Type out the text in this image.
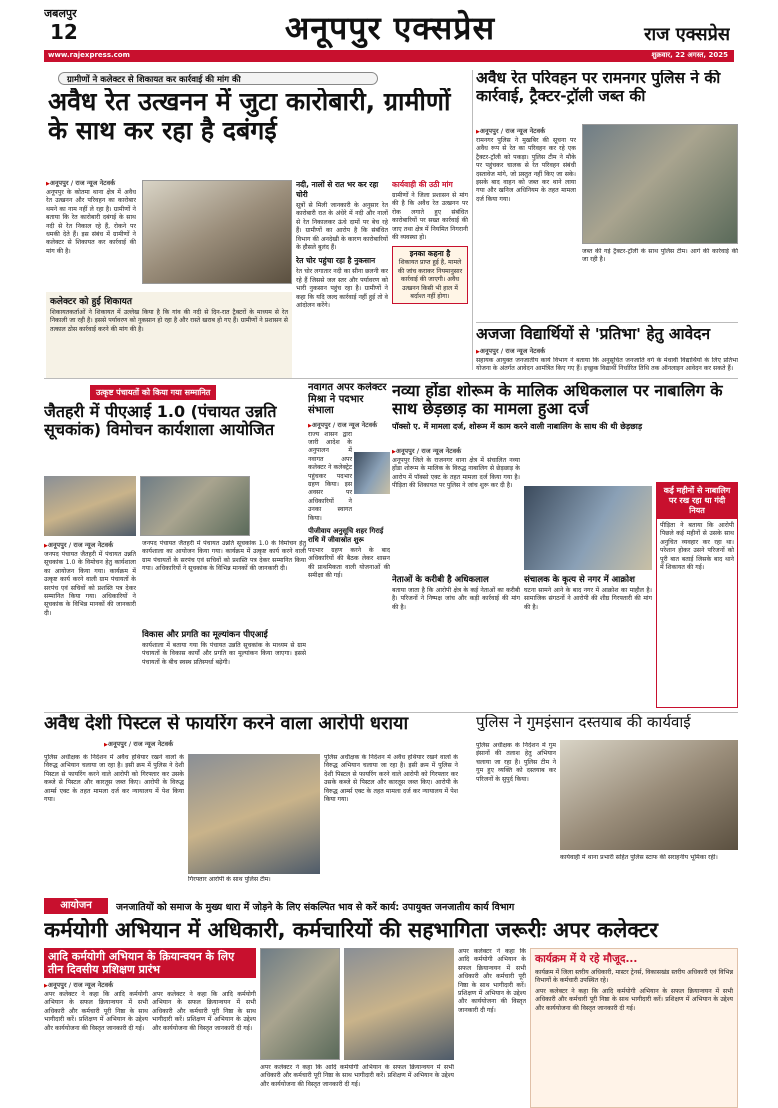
जबलपुर
12	अनूपपुर एक्सप्रेस	राज एक्सप्रेस
www.rajexpress.com	शुक्रवार, 22 अगस्त, 2025
ग्रामीणों ने कलेक्टर से शिकायत कर कार्रवाई की मांग की
अवैध रेत उत्खनन में जुटा कारोबारी, ग्रामीणों के साथ कर रहा है दबंगई
▶ अनूपपुर / राज न्यूज नेटवर्क
अनूपपुर के कोतमा थाना क्षेत्र में अवैध रेत उत्खनन और परिवहन का कारोबार थमने का नाम नहीं ले रहा है। ग्रामीणों ने बताया कि रेत कारोबारी दबंगई के साथ नदी से रेत निकाल रहे हैं, रोकने पर धमकी देते हैं। इस संबंध में ग्रामीणों ने कलेक्टर से शिकायत कर कार्रवाई की मांग की है।
कलेक्टर को हुई शिकायत
शिकायतकर्ताओं ने शिकायत में उल्लेख किया है कि गांव की नदी से दिन-रात ट्रैक्टरों के माध्यम से रेत निकाली जा रही है। इससे पर्यावरण को नुकसान हो रहा है और रास्ते खराब हो गए हैं। ग्रामीणों ने प्रशासन से तत्काल ठोस कार्रवाई करने की मांग की है।
नदी, नालों से रात भर कर रहा चोरी
सूत्रों से मिली जानकारी के अनुसार रेत कारोबारी रात के अंधेरे में नदी और नालों से रेत निकालकर ऊंचे दामों पर बेच रहे हैं। ग्रामीणों का आरोप है कि संबंधित विभाग की अनदेखी के कारण कारोबारियों के हौसले बुलंद हैं।
रेत चोर पहुंचा रहा है नुकसान
रेत चोर लगातार नदी का सीना छलनी कर रहे हैं जिससे जल स्तर और पर्यावरण को भारी नुकसान पहुंच रहा है। ग्रामीणों ने कहा कि यदि जल्द कार्रवाई नहीं हुई तो वे आंदोलन करेंगे।
कार्यवाही की उठी मांग
ग्रामीणों ने जिला प्रशासन से मांग की है कि अवैध रेत उत्खनन पर रोक लगाते हुए संबंधित कारोबारियों पर सख्त कार्रवाई की जाए तथा क्षेत्र में नियमित निगरानी की व्यवस्था हो।
इनका कहना है
शिकायत प्राप्त हुई है, मामले की जांच कराकर नियमानुसार कार्रवाई की जाएगी। अवैध उत्खनन किसी भी हाल में बर्दाश्त नहीं होगा।
अवैध रेत परिवहन पर रामनगर पुलिस ने की कार्रवाई, ट्रैक्टर-ट्रॉली जब्त की
▶ अनूपपुर / राज न्यूज नेटवर्क
रामनगर पुलिस ने मुखबिर की सूचना पर अवैध रूप से रेत का परिवहन कर रहे एक ट्रैक्टर-ट्रॉली को पकड़ा। पुलिस टीम ने मौके पर पहुंचकर चालक से रेत परिवहन संबंधी दस्तावेज मांगे, जो प्रस्तुत नहीं किए जा सके। इसके बाद वाहन को जब्त कर थाने लाया गया और खनिज अधिनियम के तहत मामला दर्ज किया गया।
जब्त की गई ट्रैक्टर-ट्रॉली के साथ पुलिस टीम। आगे की कार्रवाई की जा रही है।
अजजा विद्यार्थियों से 'प्रतिभा' हेतु आवेदन
▶ अनूपपुर / राज न्यूज नेटवर्क
सहायक आयुक्त जनजातीय कार्य विभाग ने बताया कि अनुसूचित जनजाति वर्ग के मेधावी विद्यार्थियों के लिए प्रतिभा योजना के अंतर्गत आवेदन आमंत्रित किए गए हैं। इच्छुक विद्यार्थी निर्धारित तिथि तक ऑनलाइन आवेदन कर सकते हैं।
उत्कृष्ट पंचायतों को किया गया सम्मानित
जैतहरी में पीएआई 1.0 (पंचायत उन्नति सूचकांक) विमोचन कार्यशाला आयोजित
▶ अनूपपुर / राज न्यूज नेटवर्क
जनपद पंचायत जैतहरी में पंचायत उन्नति सूचकांक 1.0 के विमोचन हेतु कार्यशाला का आयोजन किया गया। कार्यक्रम में उत्कृष्ट कार्य करने वाली ग्राम पंचायतों के सरपंच एवं सचिवों को प्रशस्ति पत्र देकर सम्मानित किया गया। अधिकारियों ने सूचकांक के विभिन्न मानकों की जानकारी दी।
जनपद पंचायत जैतहरी में पंचायत उन्नति सूचकांक 1.0 के विमोचन हेतु कार्यशाला का आयोजन किया गया। कार्यक्रम में उत्कृष्ट कार्य करने वाली ग्राम पंचायतों के सरपंच एवं सचिवों को प्रशस्ति पत्र देकर सम्मानित किया गया। अधिकारियों ने सूचकांक के विभिन्न मानकों की जानकारी दी।
विकास और प्रगति का मूल्यांकन पीएआई
कार्यशाला में बताया गया कि पंचायत उन्नति सूचकांक के माध्यम से ग्राम पंचायतों के विकास कार्यों और प्रगति का मूल्यांकन किया जाएगा। इससे पंचायतों के बीच स्वस्थ प्रतिस्पर्धा बढ़ेगी।
नवागत अपर कलेक्टर मिश्रा ने पदभार संभाला
▶ अनूपपुर / राज न्यूज नेटवर्क
राज्य शासन द्वारा जारी आदेश के अनुपालन में नवागत अपर कलेक्टर ने कलेक्ट्रेट पहुंचकर पदभार ग्रहण किया। इस अवसर पर अधिकारियों ने उनका स्वागत किया।
पीजीवाय अनुसूचि शहर गिराई राधि में जीवास्रोत शुरू
पदभार ग्रहण करने के बाद अधिकारियों की बैठक लेकर शासन की प्राथमिकता वाली योजनाओं की समीक्षा की गई।
नव्या होंडा शोरूम के मालिक अधिकलाल पर नाबालिग के साथ छेड़छाड़ का मामला हुआ दर्ज
पॉक्सो ए. में मामला दर्ज, शोरूम में काम करने वाली नाबालिग के साथ की थी छेड़छाड़
▶ अनूपपुर / राज न्यूज नेटवर्क
अनूपपुर जिले के राजनगर थाना क्षेत्र में संचालित नव्या होंडा शोरूम के मालिक के विरुद्ध नाबालिग से छेड़छाड़ के आरोप में पॉक्सो एक्ट के तहत मामला दर्ज किया गया है। पीड़िता की शिकायत पर पुलिस ने जांच शुरू कर दी है।
कई महीनों से नाबालिग पर रख रहा था गंदी नियत
पीड़िता ने बताया कि आरोपी पिछले कई महीनों से उसके साथ अनुचित व्यवहार कर रहा था। परेशान होकर उसने परिजनों को पूरी बात बताई जिसके बाद थाने में शिकायत की गई।
नेताओं के करीबी है अधिकलाल
बताया जाता है कि आरोपी क्षेत्र के कई नेताओं का करीबी है। परिजनों ने निष्पक्ष जांच और कड़ी कार्रवाई की मांग की है।
संचालक के कृत्य से नगर में आक्रोश
घटना सामने आने के बाद नगर में आक्रोश का माहौल है। सामाजिक संगठनों ने आरोपी की शीघ्र गिरफ्तारी की मांग की है।
अवैध देशी पिस्टल से फायरिंग करने वाला आरोपी धराया
▶ अनूपपुर / राज न्यूज नेटवर्क
पुलिस अधीक्षक के निर्देशन में अवैध हथियार रखने वालों के विरुद्ध अभियान चलाया जा रहा है। इसी क्रम में पुलिस ने देशी पिस्टल से फायरिंग करने वाले आरोपी को गिरफ्तार कर उसके कब्जे से पिस्टल और कारतूस जब्त किए। आरोपी के विरुद्ध आर्म्स एक्ट के तहत मामला दर्ज कर न्यायालय में पेश किया गया।
गिरफ्तार आरोपी के साथ पुलिस टीम।
पुलिस अधीक्षक के निर्देशन में अवैध हथियार रखने वालों के विरुद्ध अभियान चलाया जा रहा है। इसी क्रम में पुलिस ने देशी पिस्टल से फायरिंग करने वाले आरोपी को गिरफ्तार कर उसके कब्जे से पिस्टल और कारतूस जब्त किए। आरोपी के विरुद्ध आर्म्स एक्ट के तहत मामला दर्ज कर न्यायालय में पेश किया गया।
पुलिस ने गुमइंसान दस्तयाब की कार्यवाई
पुलिस अधीक्षक के निर्देशन में गुम इंसानों की तलाश हेतु अभियान चलाया जा रहा है। पुलिस टीम ने गुम हुए व्यक्ति को दस्तयाब कर परिजनों के सुपुर्द किया।
कार्यवाही में थाना प्रभारी सहित पुलिस स्टाफ की सराहनीय भूमिका रही।
आयोजन	जनजातियों को समाज के मुख्य धारा में जोड़ने के लिए संकल्पित भाव से करें कार्य: उपायुक्त जनजातीय कार्य विभाग
कर्मयोगी अभियान में अधिकारी, कर्मचारियों की सहभागिता जरूरीः अपर कलेक्टर
आदि कर्मयोगी अभियान के क्रियान्वयन के लिए तीन दिवसीय प्रशिक्षण प्रारंभ
▶ अनूपपुर / राज न्यूज नेटवर्क
अपर कलेक्टर ने कहा कि आदि कर्मयोगी अभियान के सफल क्रियान्वयन में सभी अधिकारी और कर्मचारी पूरी निष्ठा के साथ भागीदारी करें। प्रशिक्षण में अभियान के उद्देश्य और कार्ययोजना की विस्तृत जानकारी दी गई।
अपर कलेक्टर ने कहा कि आदि कर्मयोगी अभियान के सफल क्रियान्वयन में सभी अधिकारी और कर्मचारी पूरी निष्ठा के साथ भागीदारी करें। प्रशिक्षण में अभियान के उद्देश्य और कार्ययोजना की विस्तृत जानकारी दी गई।
अपर कलेक्टर ने कहा कि आदि कर्मयोगी अभियान के सफल क्रियान्वयन में सभी अधिकारी और कर्मचारी पूरी निष्ठा के साथ भागीदारी करें। प्रशिक्षण में अभियान के उद्देश्य और कार्ययोजना की विस्तृत जानकारी दी गई।
अपर कलेक्टर ने कहा कि आदि कर्मयोगी अभियान के सफल क्रियान्वयन में सभी अधिकारी और कर्मचारी पूरी निष्ठा के साथ भागीदारी करें। प्रशिक्षण में अभियान के उद्देश्य और कार्ययोजना की विस्तृत जानकारी दी गई।
कार्यक्रम में ये रहे मौजूद...
कार्यक्रम में जिला स्तरीय अधिकारी, मास्टर ट्रेनर्स, विकासखंड स्तरीय अधिकारी एवं विभिन्न विभागों के कर्मचारी उपस्थित रहे।
अपर कलेक्टर ने कहा कि आदि कर्मयोगी अभियान के सफल क्रियान्वयन में सभी अधिकारी और कर्मचारी पूरी निष्ठा के साथ भागीदारी करें। प्रशिक्षण में अभियान के उद्देश्य और कार्ययोजना की विस्तृत जानकारी दी गई।
